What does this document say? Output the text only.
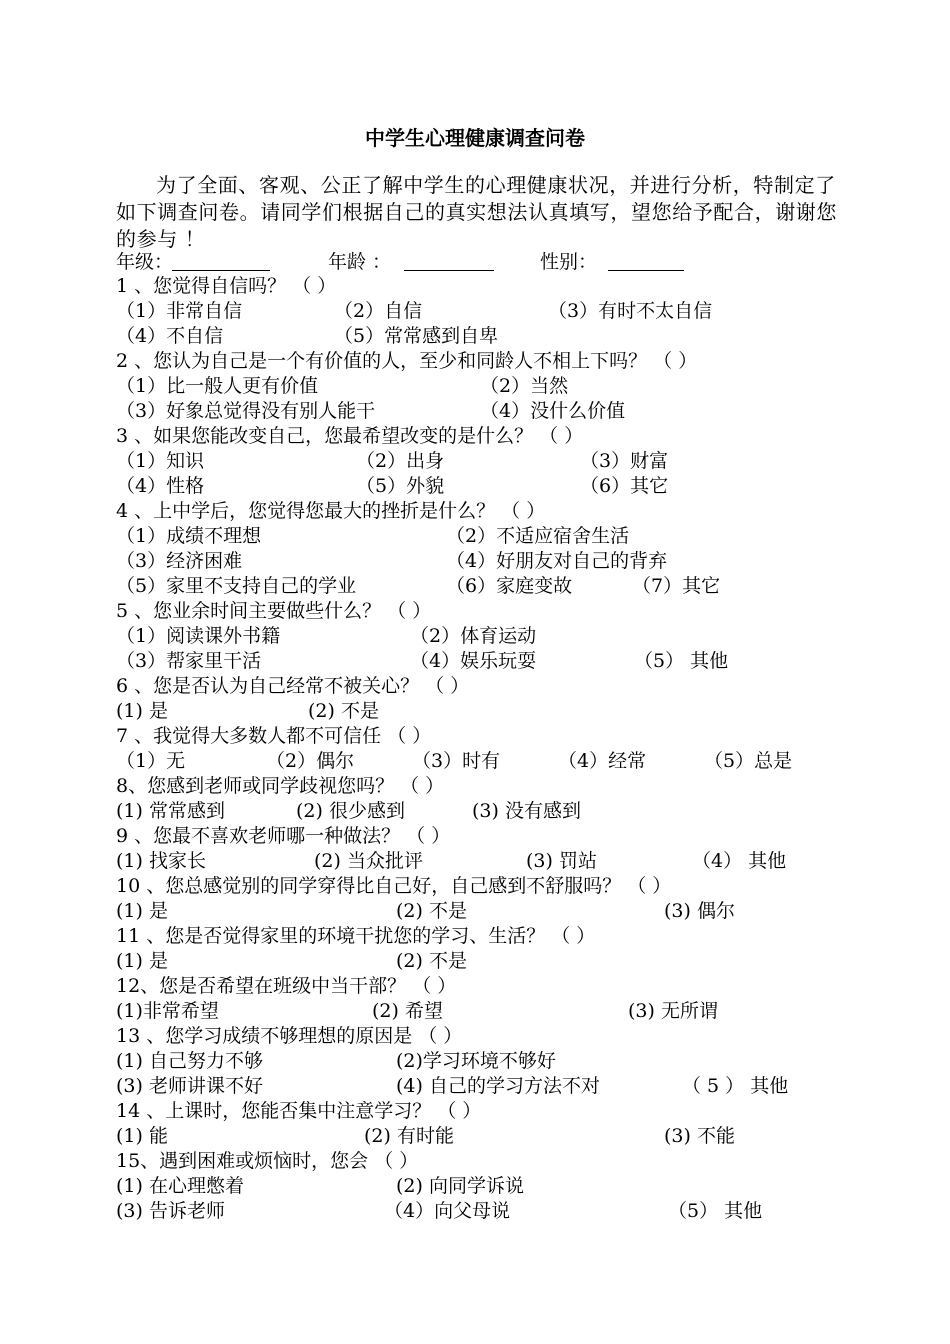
中学生心理健康调查问卷
为了全面、客观、公正了解中学生的心理健康状况，并进行分析，特制定了
如下调查问卷。请同学们根据自己的真实想法认真填写，望您给予配合，谢谢您
的参与 ！
年级：	年龄 ：	性别：
1 、您觉得自信吗？ （ ）
（1）非常自信	（2）自信	（3）有时不太自信
（4）不自信	（5）常常感到自卑
2 、您认为自己是一个有价值的人，至少和同龄人不相上下吗？ （ ）
（1）比一般人更有价值	（2）当然
（3）好象总觉得没有别人能干	（4）没什么价值
3 、如果您能改变自己，您最希望改变的是什么？ （ ）
（1）知识	（2）出身	（3）财富
（4）性格	（5）外貌	（6）其它
4 、上中学后，您觉得您最大的挫折是什么？ （ ）
（1）成绩不理想	（2）不适应宿舍生活
（3）经济困难	（4）好朋友对自己的背弃
（5）家里不支持自己的学业	（6）家庭变故	（7）其它
5 、您业余时间主要做些什么？ （ ）
（1）阅读课外书籍	（2）体育运动
（3）帮家里干活	（4）娱乐玩耍	（5） 其他
6 、您是否认为自己经常不被关心？ （ ）
(1) 是	(2) 不是
7 、我觉得大多数人都不可信任 （ ）
（1）无	（2）偶尔	（3）时有	（4）经常	（5）总是
8、您感到老师或同学歧视您吗？ （ ）
(1) 常常感到	(2) 很少感到	(3) 没有感到
9 、您最不喜欢老师哪一种做法？ （ ）
(1) 找家长	(2) 当众批评	(3) 罚站	（4） 其他
10 、您总感觉别的同学穿得比自己好，自己感到不舒服吗？ （ ）
(1) 是	(2) 不是	(3) 偶尔
11 、您是否觉得家里的环境干扰您的学习、生活？ （ ）
(1) 是	(2) 不是
12、您是否希望在班级中当干部？ （ ）
(1)非常希望	(2) 希望	(3) 无所谓
13 、您学习成绩不够理想的原因是 （ ）
(1) 自己努力不够	(2)学习环境不够好
(3) 老师讲课不好	(4) 自己的学习方法不对	（ 5 ） 其他
14 、上课时，您能否集中注意学习？ （ ）
(1) 能	(2) 有时能	(3) 不能
15、遇到困难或烦恼时，您会 （ ）
(1) 在心理憋着	(2) 向同学诉说
(3) 告诉老师	（4）向父母说	（5） 其他
